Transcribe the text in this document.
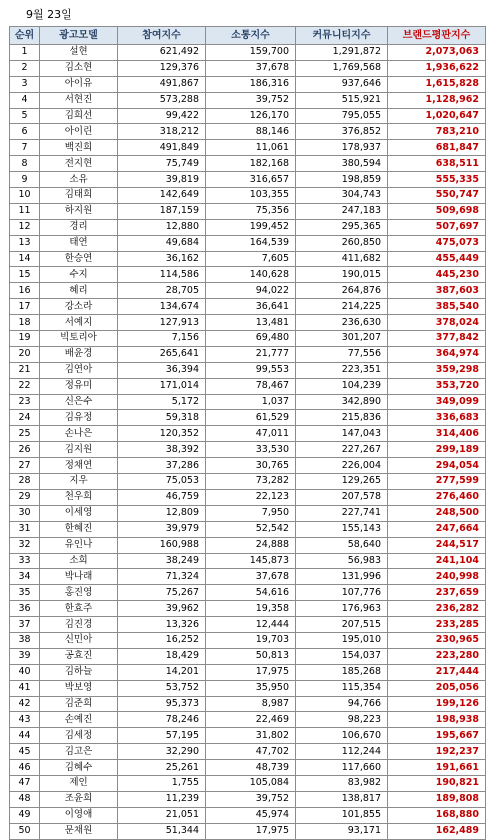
9월 23일
순위	광고모델	참여지수	소통지수	커뮤니티지수	브랜드평판지수
1	설현	621,492	159,700	1,291,872	2,073,063
2	김소현	129,376	37,678	1,769,568	1,936,622
3	아이유	491,867	186,316	937,646	1,615,828
4	서현진	573,288	39,752	515,921	1,128,962
5	김희선	99,422	126,170	795,055	1,020,647
6	아이린	318,212	88,146	376,852	783,210
7	백진희	491,849	11,061	178,937	681,847
8	전지현	75,749	182,168	380,594	638,511
9	소유	39,819	316,657	198,859	555,335
10	김태희	142,649	103,355	304,743	550,747
11	하지원	187,159	75,356	247,183	509,698
12	경리	12,880	199,452	295,365	507,697
13	태연	49,684	164,539	260,850	475,073
14	한승연	36,162	7,605	411,682	455,449
15	수지	114,586	140,628	190,015	445,230
16	혜리	28,705	94,022	264,876	387,603
17	강소라	134,674	36,641	214,225	385,540
18	서예지	127,913	13,481	236,630	378,024
19	빅토리아	7,156	69,480	301,207	377,842
20	배윤경	265,641	21,777	77,556	364,974
21	김연아	36,394	99,553	223,351	359,298
22	정유미	171,014	78,467	104,239	353,720
23	신은수	5,172	1,037	342,890	349,099
24	김유정	59,318	61,529	215,836	336,683
25	손나은	120,352	47,011	147,043	314,406
26	김지원	38,392	33,530	227,267	299,189
27	정채연	37,286	30,765	226,004	294,054
28	지우	75,053	73,282	129,265	277,599
29	천우희	46,759	22,123	207,578	276,460
30	이세영	12,809	7,950	227,741	248,500
31	한혜진	39,979	52,542	155,143	247,664
32	유인나	160,988	24,888	58,640	244,517
33	소희	38,249	145,873	56,983	241,104
34	박나래	71,324	37,678	131,996	240,998
35	홍진영	75,267	54,616	107,776	237,659
36	한효주	39,962	19,358	176,963	236,282
37	김진경	13,326	12,444	207,515	233,285
38	신민아	16,252	19,703	195,010	230,965
39	공효진	18,429	50,813	154,037	223,280
40	김하늘	14,201	17,975	185,268	217,444
41	박보영	53,752	35,950	115,354	205,056
42	김준희	95,373	8,987	94,766	199,126
43	손예진	78,246	22,469	98,223	198,938
44	김세정	57,195	31,802	106,670	195,667
45	김고은	32,290	47,702	112,244	192,237
46	김혜수	25,261	48,739	117,660	191,661
47	제인	1,755	105,084	83,982	190,821
48	조윤희	11,239	39,752	138,817	189,808
49	이영애	21,051	45,974	101,855	168,880
50	문채원	51,344	17,975	93,171	162,489
